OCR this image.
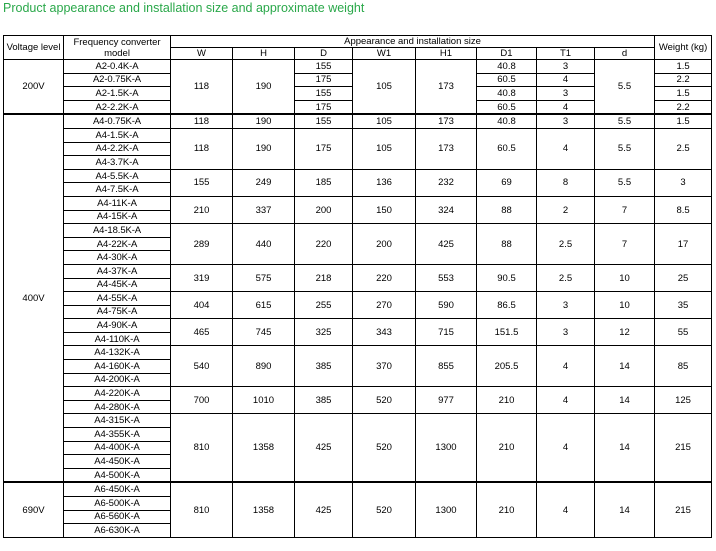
Product appearance and installation size and approximate weight
Voltage level	Frequency converter model	Appearance and installation size								Weight (kg)
		W	H	D	W1	H1	D1	T1	d	
200V	A2-0.4K-A	118	190	155	105	173	40.8	3	5.5	1.5
	A2-0.75K-A			175			60.5	4		2.2
	A2-1.5K-A			155			40.8	3		1.5
	A2-2.2K-A			175			60.5	4		2.2
400V	A4-0.75K-A	118	190	155	105	173	40.8	3	5.5	1.5
	A4-1.5K-A	118	190	175	105	173	60.5	4	5.5	2.5
	A4-2.2K-A									
	A4-3.7K-A									
	A4-5.5K-A	155	249	185	136	232	69	8	5.5	3
	A4-7.5K-A									
	A4-11K-A	210	337	200	150	324	88	2	7	8.5
	A4-15K-A									
	A4-18.5K-A	289	440	220	200	425	88	2.5	7	17
	A4-22K-A									
	A4-30K-A									
	A4-37K-A	319	575	218	220	553	90.5	2.5	10	25
	A4-45K-A									
	A4-55K-A	404	615	255	270	590	86.5	3	10	35
	A4-75K-A									
	A4-90K-A	465	745	325	343	715	151.5	3	12	55
	A4-110K-A									
	A4-132K-A	540	890	385	370	855	205.5	4	14	85
	A4-160K-A									
	A4-200K-A									
	A4-220K-A	700	1010	385	520	977	210	4	14	125
	A4-280K-A									
	A4-315K-A	810	1358	425	520	1300	210	4	14	215
	A4-355K-A									
	A4-400K-A									
	A4-450K-A									
	A4-500K-A									
690V	A6-450K-A	810	1358	425	520	1300	210	4	14	215
	A6-500K-A									
	A6-560K-A									
	A6-630K-A									
